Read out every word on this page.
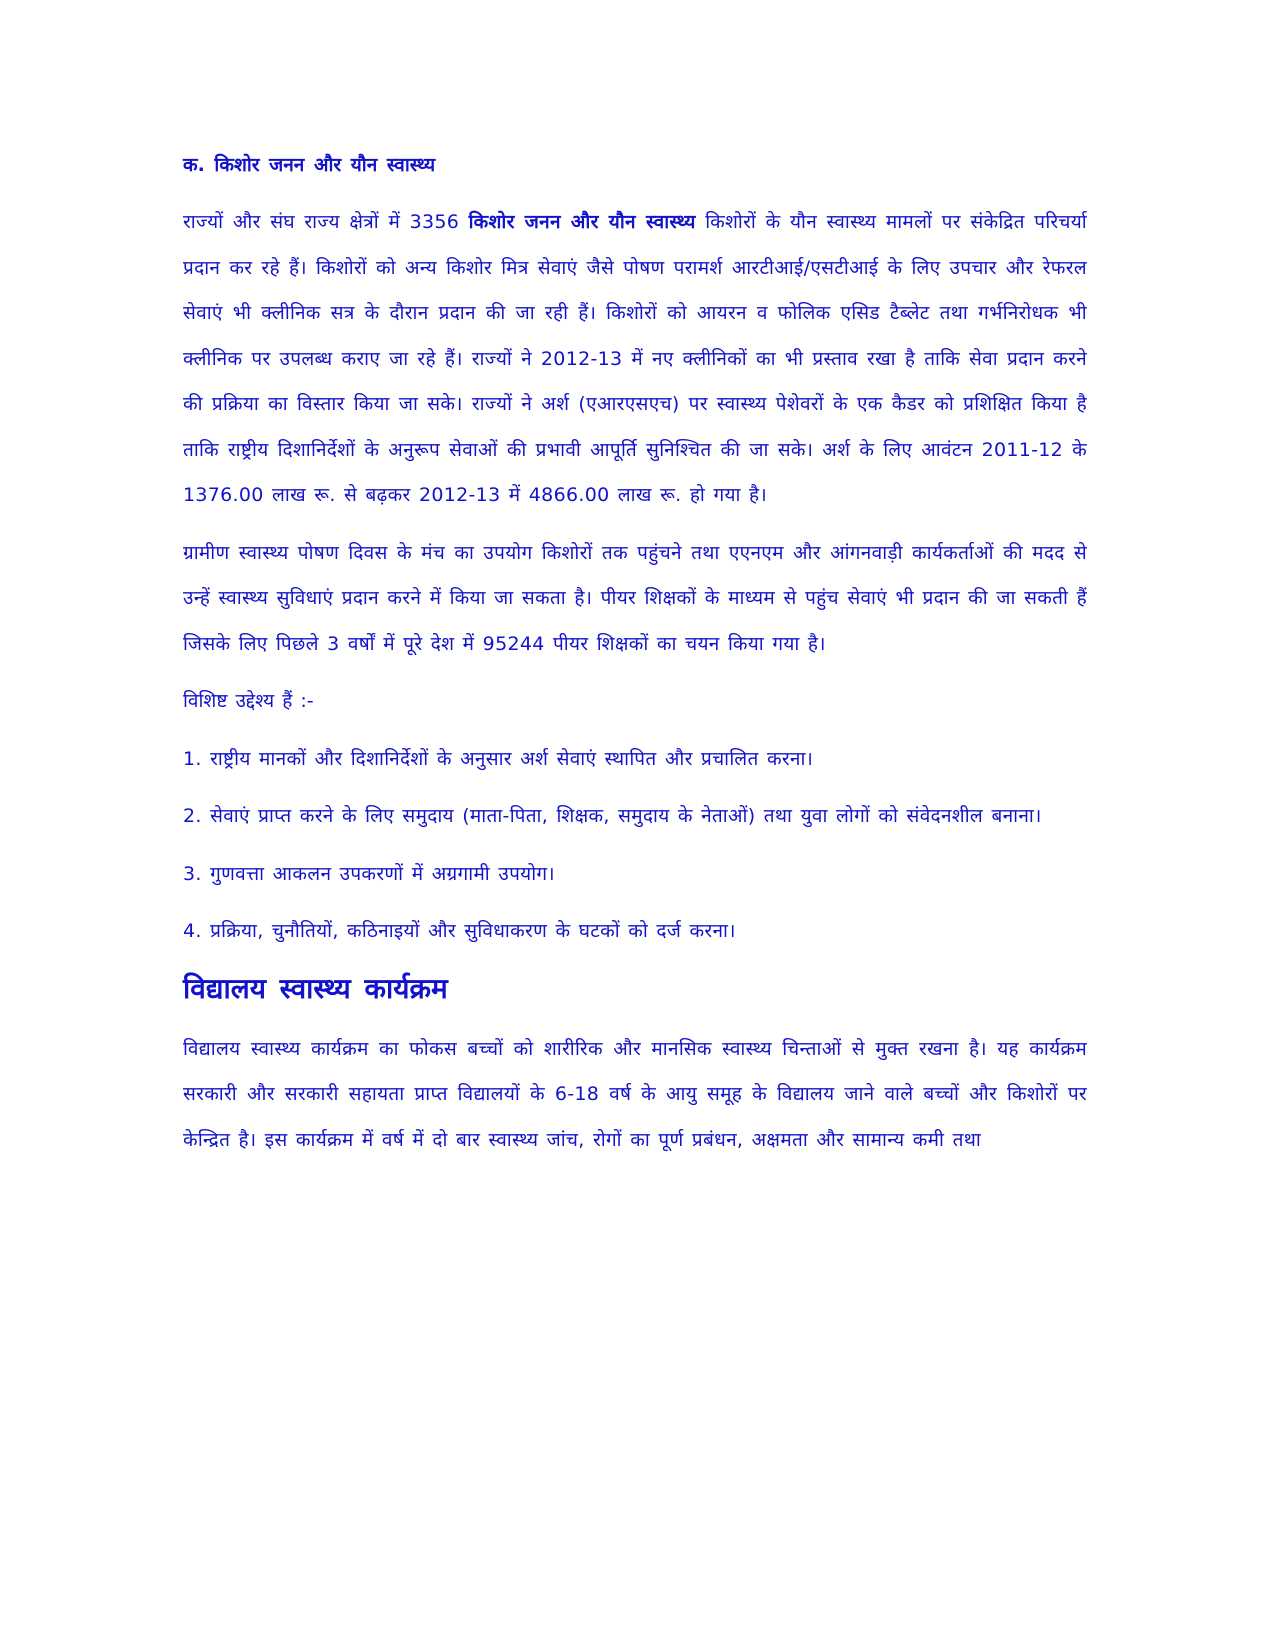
क. किशोर जनन और यौन स्वास्थ्य

राज्यों और संघ राज्य क्षेत्रों में 3356 किशोर जनन और यौन स्वास्थ्य किशोरों के यौन स्वास्थ्य मामलों पर संकेद्रित परिचर्या प्रदान कर रहे हैं। किशोरों को अन्य किशोर मित्र सेवाएं जैसे पोषण परामर्श आरटीआई/एसटीआई के लिए उपचार और रेफरल सेवाएं भी क्लीनिक सत्र के दौरान प्रदान की जा रही हैं। किशोरों को आयरन व फोलिक एसिड टैब्लेट तथा गर्भनिरोधक भी क्लीनिक पर उपलब्ध कराए जा रहे हैं। राज्यों ने 2012-13 में नए क्लीनिकों का भी प्रस्ताव रखा है ताकि सेवा प्रदान करने की प्रक्रिया का विस्तार किया जा सके। राज्यों ने अर्श (एआरएसएच) पर स्वास्थ्य पेशेवरों के एक कैडर को प्रशिक्षित किया है ताकि राष्ट्रीय दिशानिर्देशों के अनुरूप सेवाओं की प्रभावी आपूर्ति सुनिश्चित की जा सके। अर्श के लिए आवंटन 2011-12 के 1376.00 लाख रू. से बढ़कर 2012-13 में 4866.00 लाख रू. हो गया है।

ग्रामीण स्वास्थ्य पोषण दिवस के मंच का उपयोग किशोरों तक पहुंचने तथा एएनएम और आंगनवाड़ी कार्यकर्ताओं की मदद से उन्हें स्वास्थ्य सुविधाएं प्रदान करने में किया जा सकता है। पीयर शिक्षकों के माध्यम से पहुंच सेवाएं भी प्रदान की जा सकती हैं जिसके लिए पिछले 3 वर्षों में पूरे देश में 95244 पीयर शिक्षकों का चयन किया गया है।

विशिष्ट उद्देश्य हैं :-

1. राष्ट्रीय मानकों और दिशानिर्देशों के अनुसार अर्श सेवाएं स्थापित और प्रचालित करना।

2. सेवाएं प्राप्त करने के लिए समुदाय (माता-पिता, शिक्षक, समुदाय के नेताओं) तथा युवा लोगों को संवेदनशील बनाना।

3. गुणवत्ता आकलन उपकरणों में अग्रगामी उपयोग।

4. प्रक्रिया, चुनौतियों, कठिनाइयों और सुविधाकरण के घटकों को दर्ज करना।

विद्यालय स्वास्थ्य कार्यक्रम

विद्यालय स्वास्थ्य कार्यक्रम का फोकस बच्चों को शारीरिक और मानसिक स्वास्थ्य चिन्ताओं से मुक्त रखना है। यह कार्यक्रम सरकारी और सरकारी सहायता प्राप्त विद्यालयों के 6-18 वर्ष के आयु समूह के विद्यालय जाने वाले बच्चों और किशोरों पर केन्द्रित है। इस कार्यक्रम में वर्ष में दो बार स्वास्थ्य जांच, रोगों का पूर्ण प्रबंधन, अक्षमता और सामान्य कमी तथा
